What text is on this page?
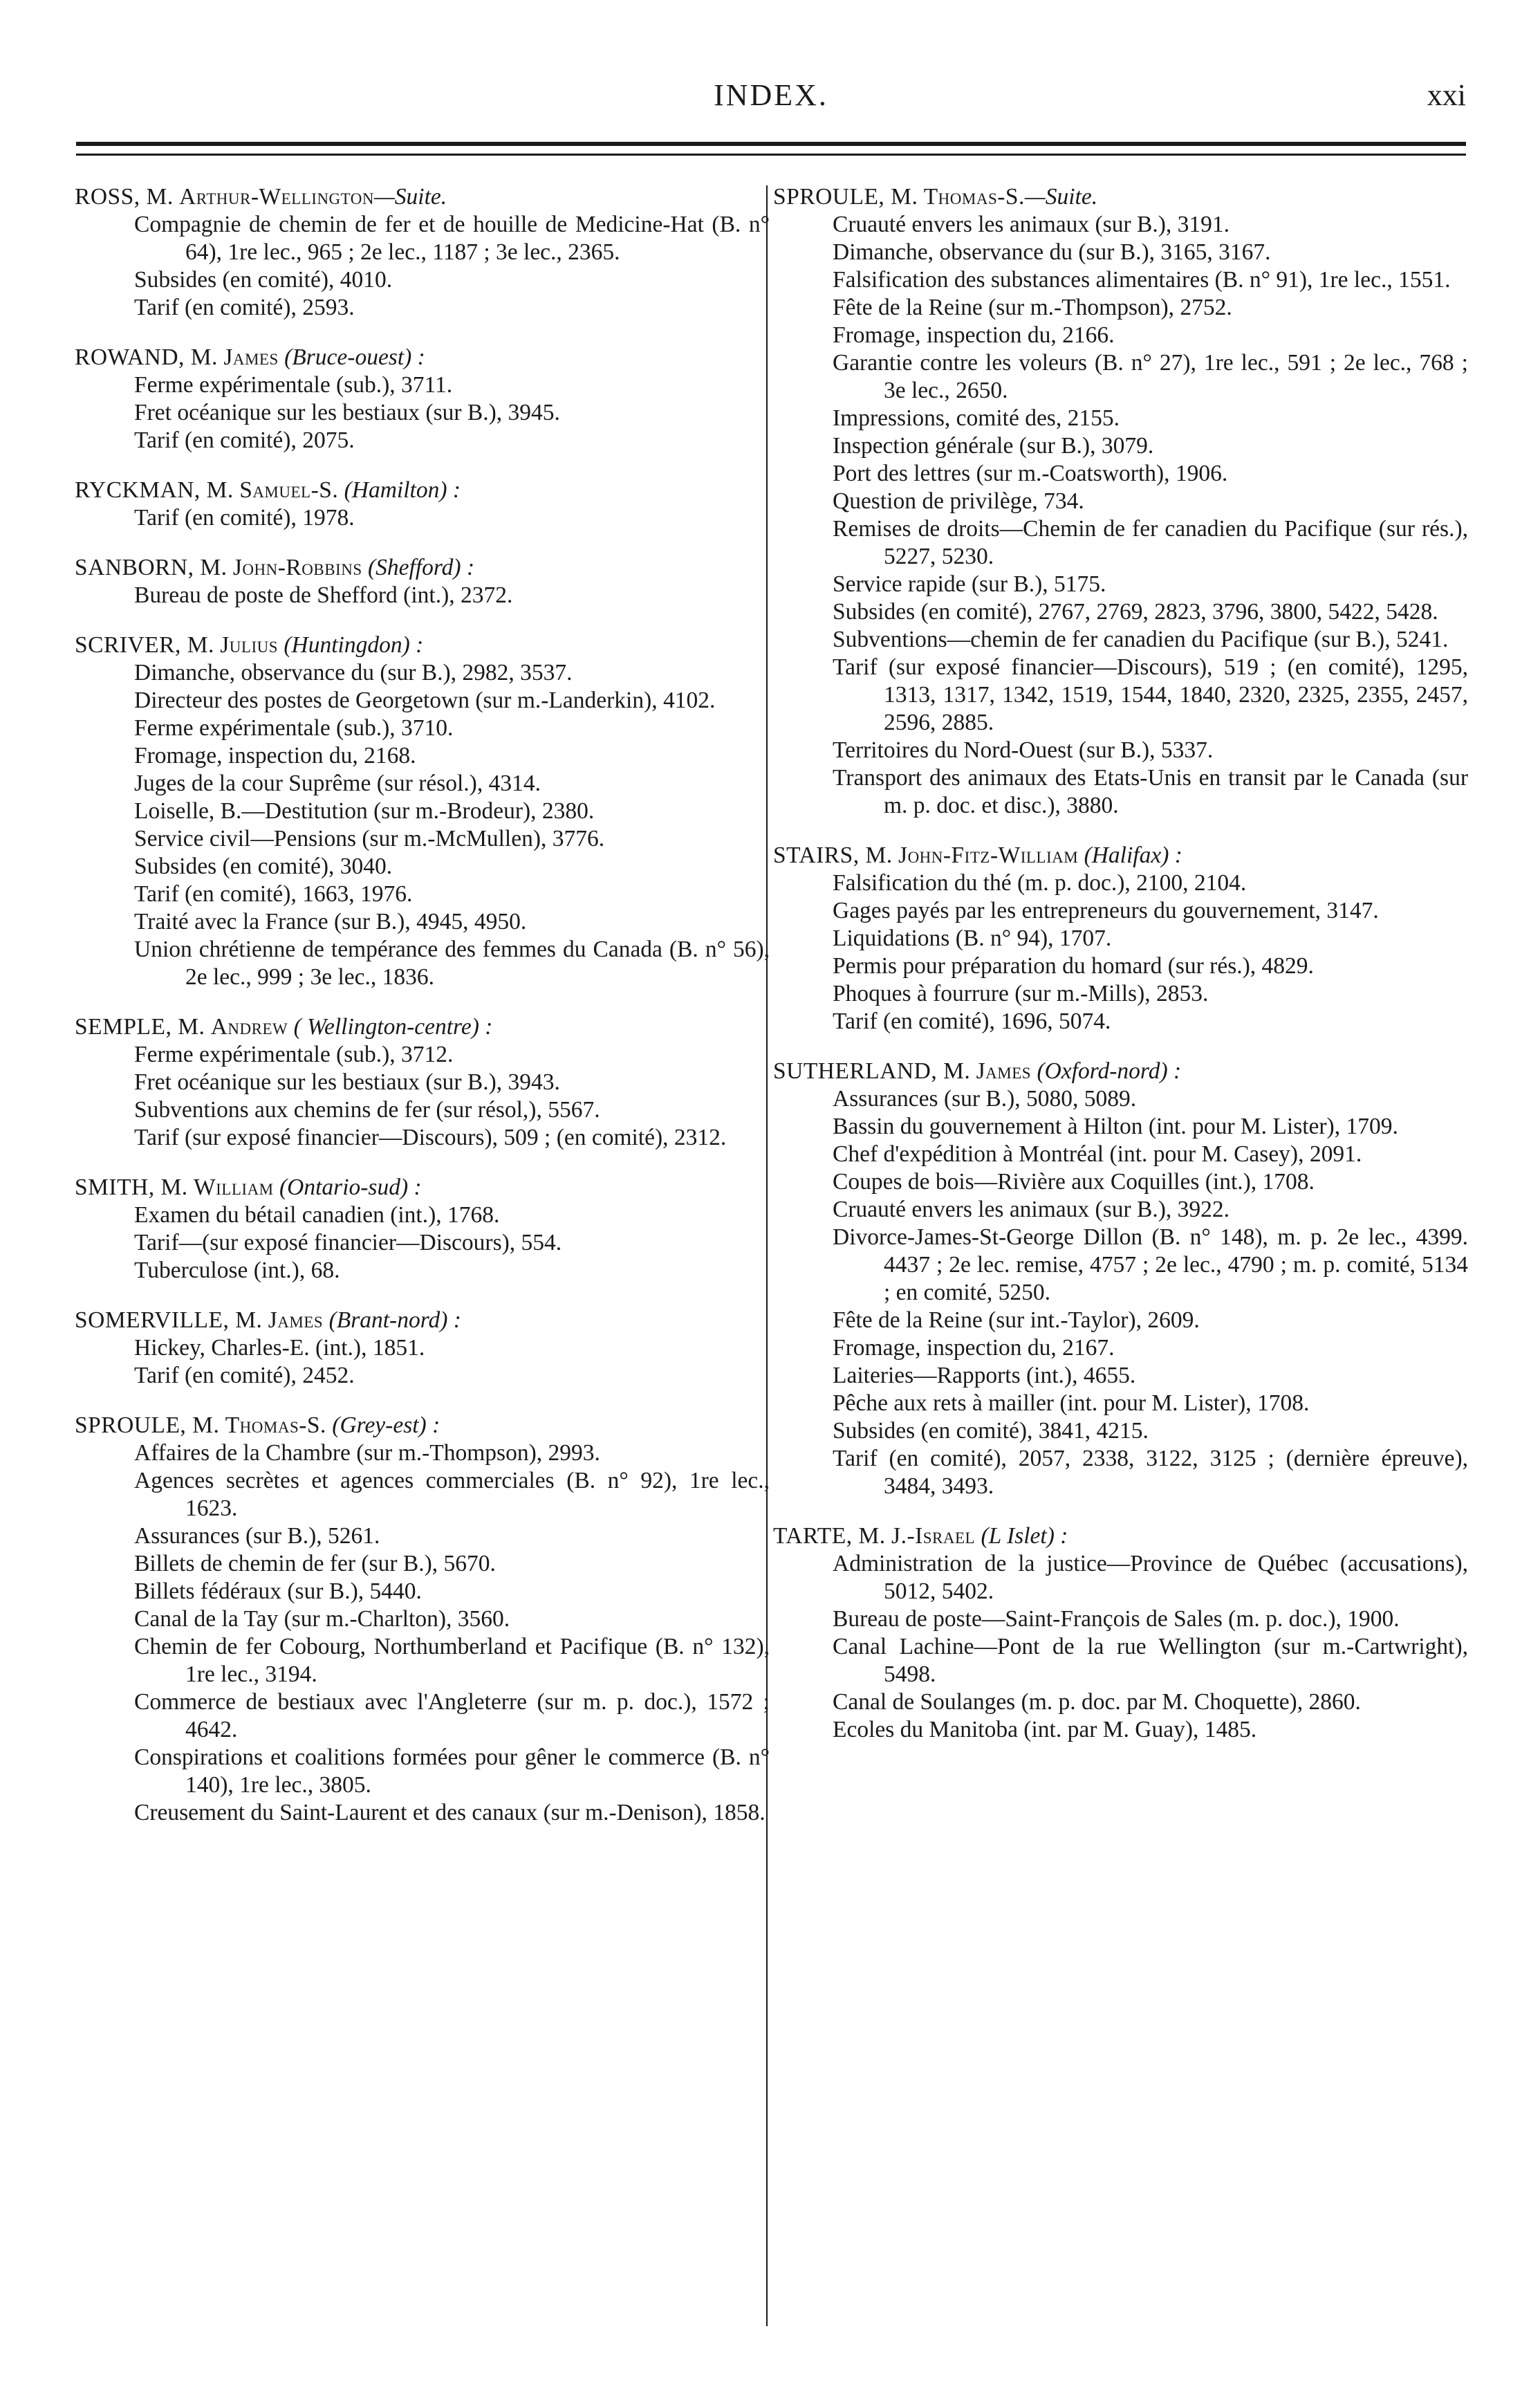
INDEX.	xxi
ROSS, M. Arthur-Wellington—Suite.
Compagnie de chemin de fer et de houille de Medicine-Hat (B. n° 64), 1re lec., 965 ; 2e lec., 1187 ; 3e lec., 2365.
Subsides (en comité), 4010.
Tarif (en comité), 2593.
ROWAND, M. James (Bruce-ouest) :
Ferme expérimentale (sub.), 3711.
Fret océanique sur les bestiaux (sur B.), 3945.
Tarif (en comité), 2075.
RYCKMAN, M. Samuel-S. (Hamilton) :
Tarif (en comité), 1978.
SANBORN, M. John-Robbins (Shefford) :
Bureau de poste de Shefford (int.), 2372.
SCRIVER, M. Julius (Huntingdon) :
Dimanche, observance du (sur B.), 2982, 3537.
Directeur des postes de Georgetown (sur m.-Landerkin), 4102.
Ferme expérimentale (sub.), 3710.
Fromage, inspection du, 2168.
Juges de la cour Suprême (sur résol.), 4314.
Loiselle, B.—Destitution (sur m.-Brodeur), 2380.
Service civil—Pensions (sur m.-McMullen), 3776.
Subsides (en comité), 3040.
Tarif (en comité), 1663, 1976.
Traité avec la France (sur B.), 4945, 4950.
Union chrétienne de tempérance des femmes du Canada (B. n° 56), 2e lec., 999 ; 3e lec., 1836.
SEMPLE, M. Andrew ( Wellington-centre) :
Ferme expérimentale (sub.), 3712.
Fret océanique sur les bestiaux (sur B.), 3943.
Subventions aux chemins de fer (sur résol,), 5567.
Tarif (sur exposé financier—Discours), 509 ; (en comité), 2312.
SMITH, M. William (Ontario-sud) :
Examen du bétail canadien (int.), 1768.
Tarif—(sur exposé financier—Discours), 554.
Tuberculose (int.), 68.
SOMERVILLE, M. James (Brant-nord) :
Hickey, Charles-E. (int.), 1851.
Tarif (en comité), 2452.
SPROULE, M. Thomas-S. (Grey-est) :
Affaires de la Chambre (sur m.-Thompson), 2993.
Agences secrètes et agences commerciales (B. n° 92), 1re lec., 1623.
Assurances (sur B.), 5261.
Billets de chemin de fer (sur B.), 5670.
Billets fédéraux (sur B.), 5440.
Canal de la Tay (sur m.-Charlton), 3560.
Chemin de fer Cobourg, Northumberland et Pacifique (B. n° 132), 1re lec., 3194.
Commerce de bestiaux avec l'Angleterre (sur m. p. doc.), 1572 ; 4642.
Conspirations et coalitions formées pour gêner le commerce (B. n° 140), 1re lec., 3805.
Creusement du Saint-Laurent et des canaux (sur m.-Denison), 1858.
SPROULE, M. Thomas-S.—Suite.
Cruauté envers les animaux (sur B.), 3191.
Dimanche, observance du (sur B.), 3165, 3167.
Falsification des substances alimentaires (B. n° 91), 1re lec., 1551.
Fête de la Reine (sur m.-Thompson), 2752.
Fromage, inspection du, 2166.
Garantie contre les voleurs (B. n° 27), 1re lec., 591 ; 2e lec., 768 ; 3e lec., 2650.
Impressions, comité des, 2155.
Inspection générale (sur B.), 3079.
Port des lettres (sur m.-Coatsworth), 1906.
Question de privilège, 734.
Remises de droits—Chemin de fer canadien du Pacifique (sur rés.), 5227, 5230.
Service rapide (sur B.), 5175.
Subsides (en comité), 2767, 2769, 2823, 3796, 3800, 5422, 5428.
Subventions—chemin de fer canadien du Pacifique (sur B.), 5241.
Tarif (sur exposé financier—Discours), 519 ; (en comité), 1295, 1313, 1317, 1342, 1519, 1544, 1840, 2320, 2325, 2355, 2457, 2596, 2885.
Territoires du Nord-Ouest (sur B.), 5337.
Transport des animaux des Etats-Unis en transit par le Canada (sur m. p. doc. et disc.), 3880.
STAIRS, M. John-Fitz-William (Halifax) :
Falsification du thé (m. p. doc.), 2100, 2104.
Gages payés par les entrepreneurs du gouvernement, 3147.
Liquidations (B. n° 94), 1707.
Permis pour préparation du homard (sur rés.), 4829.
Phoques à fourrure (sur m.-Mills), 2853.
Tarif (en comité), 1696, 5074.
SUTHERLAND, M. James (Oxford-nord) :
Assurances (sur B.), 5080, 5089.
Bassin du gouvernement à Hilton (int. pour M. Lister), 1709.
Chef d'expédition à Montréal (int. pour M. Casey), 2091.
Coupes de bois—Rivière aux Coquilles (int.), 1708.
Cruauté envers les animaux (sur B.), 3922.
Divorce-James-St-George Dillon (B. n° 148), m. p. 2e lec., 4399. 4437 ; 2e lec. remise, 4757 ; 2e lec., 4790 ; m. p. comité, 5134 ; en comité, 5250.
Fête de la Reine (sur int.-Taylor), 2609.
Fromage, inspection du, 2167.
Laiteries—Rapports (int.), 4655.
Pêche aux rets à mailler (int. pour M. Lister), 1708.
Subsides (en comité), 3841, 4215.
Tarif (en comité), 2057, 2338, 3122, 3125 ; (dernière épreuve), 3484, 3493.
TARTE, M. J.-Israel (L Islet) :
Administration de la justice—Province de Québec (accusations), 5012, 5402.
Bureau de poste—Saint-François de Sales (m. p. doc.), 1900.
Canal Lachine—Pont de la rue Wellington (sur m.-Cartwright), 5498.
Canal de Soulanges (m. p. doc. par M. Choquette), 2860.
Ecoles du Manitoba (int. par M. Guay), 1485.
